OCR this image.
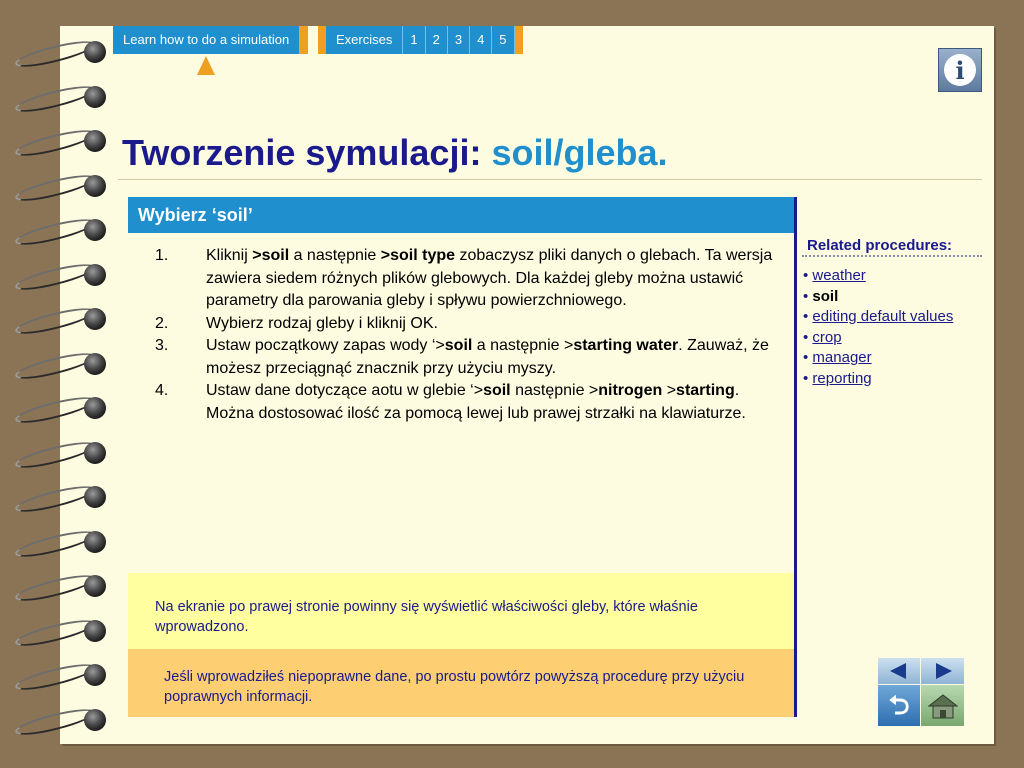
Learn how to do a simulation	Exercises	1	2	3	4	5
i
Tworzenie symulacji: soil/gleba.
Wybierz ‘soil’
1. Kliknij >soil a następnie >soil type zobaczysz pliki danych o glebach. Ta wersja zawiera siedem różnych plików glebowych. Dla każdej gleby można ustawić parametry dla parowania gleby i spływu powierzchniowego.
2. Wybierz rodzaj gleby i kliknij OK.
3. Ustaw początkowy zapas wody ‘>soil a następnie >starting water. Zauważ, że możesz przeciągnąć znacznik przy użyciu myszy.
4. Ustaw dane dotyczące aotu w glebie ‘>soil następnie >nitrogen >starting. Można dostosować ilość za pomocą lewej lub prawej strzałki na klawiaturze.

Na ekranie po prawej stronie powinny się wyświetlić właściwości gleby, które właśnie wprowadzono.

Jeśli wprowadziłeś niepoprawne dane, po prostu powtórz powyższą procedurę przy użyciu poprawnych informacji.

Related procedures:
• weather
• soil
• editing default values
• crop
• manager
• reporting
⮌
